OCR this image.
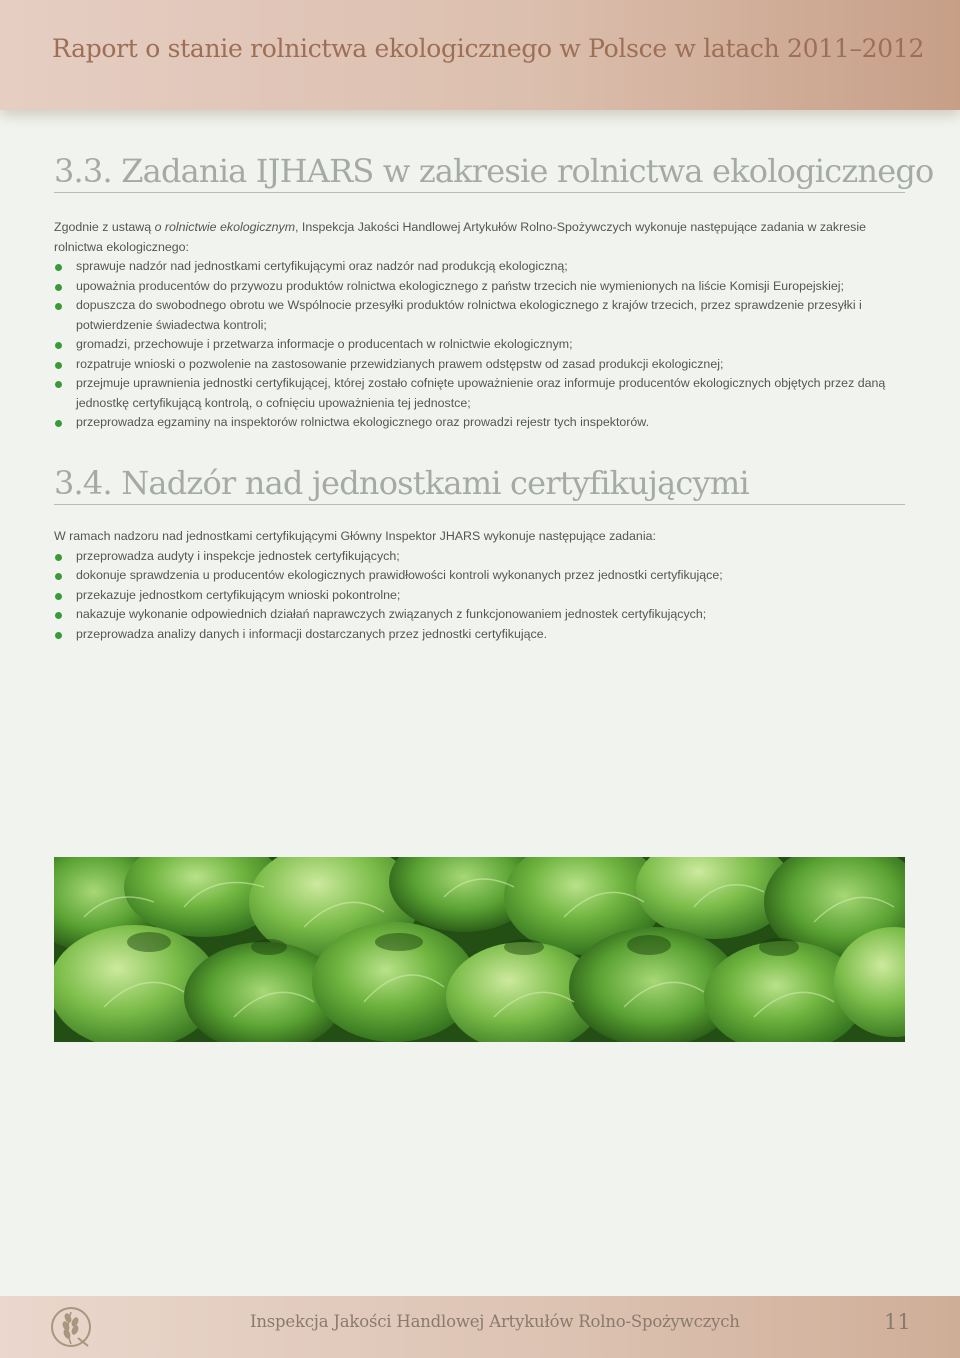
Raport o stanie rolnictwa ekologicznego w Polsce w latach 2011–2012
3.3. Zadania IJHARS w zakresie rolnictwa ekologicznego

Zgodnie z ustawą o rolnictwie ekologicznym, Inspekcja Jakości Handlowej Artykułów Rolno-Spożywczych wykonuje następujące zadania w zakresie rolnictwa ekologicznego:

sprawuje nadzór nad jednostkami certyfikującymi oraz nadzór nad produkcją ekologiczną;
upoważnia producentów do przywozu produktów rolnictwa ekologicznego z państw trzecich nie wymienionych na liście Komisji Europejskiej;
dopuszcza do swobodnego obrotu we Wspólnocie przesyłki produktów rolnictwa ekologicznego z krajów trzecich, przez sprawdzenie przesyłki i potwierdzenie świadectwa kontroli;
gromadzi, przechowuje i przetwarza informacje o producentach w rolnictwie ekologicznym;
rozpatruje wnioski o pozwolenie na zastosowanie przewidzianych prawem odstępstw od zasad produkcji ekologicznej;
przejmuje uprawnienia jednostki certyfikującej, której zostało cofnięte upoważnienie oraz informuje producentów ekologicznych objętych przez daną jednostkę certyfikującą kontrolą, o cofnięciu upoważnienia tej jednostce;
przeprowadza egzaminy na inspektorów rolnictwa ekologicznego oraz prowadzi rejestr tych inspektorów.
3.4. Nadzór nad jednostkami certyfikującymi

W ramach nadzoru nad jednostkami certyfikującymi Główny Inspektor JHARS wykonuje następujące zadania:

przeprowadza audyty i inspekcje jednostek certyfikujących;
dokonuje sprawdzenia u producentów ekologicznych prawidłowości kontroli wykonanych przez jednostki certyfikujące;
przekazuje jednostkom certyfikującym wnioski pokontrolne;
nakazuje wykonanie odpowiednich działań naprawczych związanych z funkcjonowaniem jednostek certyfikujących;
przeprowadza analizy danych i informacji dostarczanych przez jednostki certyfikujące.
Inspekcja Jakości Handlowej Artykułów Rolno-Spożywczych	11
